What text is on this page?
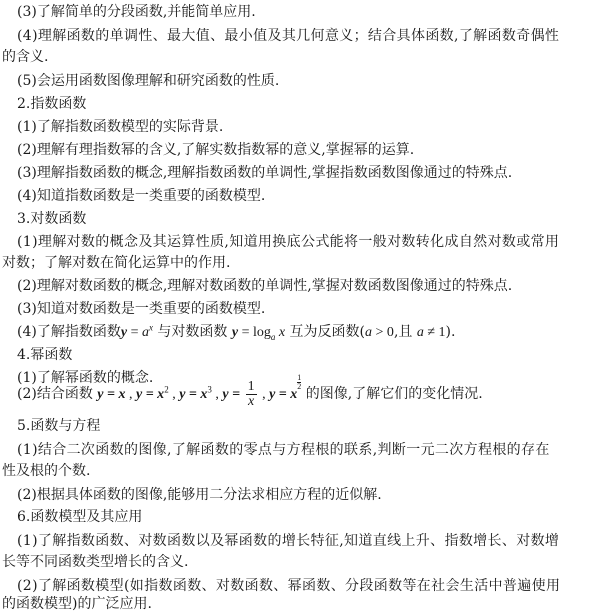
(3)了解简单的分段函数,并能简单应用.
(4)理解函数的单调性、最大值、最小值及其几何意义；结合具体函数,了解函数奇偶性
的含义.
(5)会运用函数图像理解和研究函数的性质.
2.指数函数
(1)了解指数函数模型的实际背景.
(2)理解有理指数幂的含义,了解实数指数幂的意义,掌握幂的运算.
(3)理解指数函数的概念,理解指数函数的单调性,掌握指数函数图像通过的特殊点.
(4)知道指数函数是一类重要的函数模型.
3.对数函数
(1)理解对数的概念及其运算性质,知道用换底公式能将一般对数转化成自然对数或常用
对数；了解对数在简化运算中的作用.
(2)理解对数函数的概念,理解对数函数的单调性,掌握对数函数图像通过的特殊点.
(3)知道对数函数是一类重要的函数模型.
(4)了解指数函数$y = a^x$ 与对数函数 $y = \log_a x$ 互为反函数(a > 0,且 a ≠ 1).
4.幂函数
(1)了解幂函数的概念.
(2)结合函数 y = x , $y = x^2$ , $y = x^3$ , $y = \frac{1}{x}$ , y = x
$\frac{1}{2}$
的图像,了解它们的变化情况.
5.函数与方程
(1)结合二次函数的图像,了解函数的零点与方程根的联系,判断一元二次方程根的存在
性及根的个数.
(2)根据具体函数的图像,能够用二分法求相应方程的近似解.
6.函数模型及其应用
(1)了解指数函数、对数函数以及幂函数的增长特征,知道直线上升、指数增长、对数增
长等不同函数类型增长的含义.
(2)了解函数模型(如指数函数、对数函数、幂函数、分段函数等在社会生活中普遍使用
的函数模型)的广泛应用.
